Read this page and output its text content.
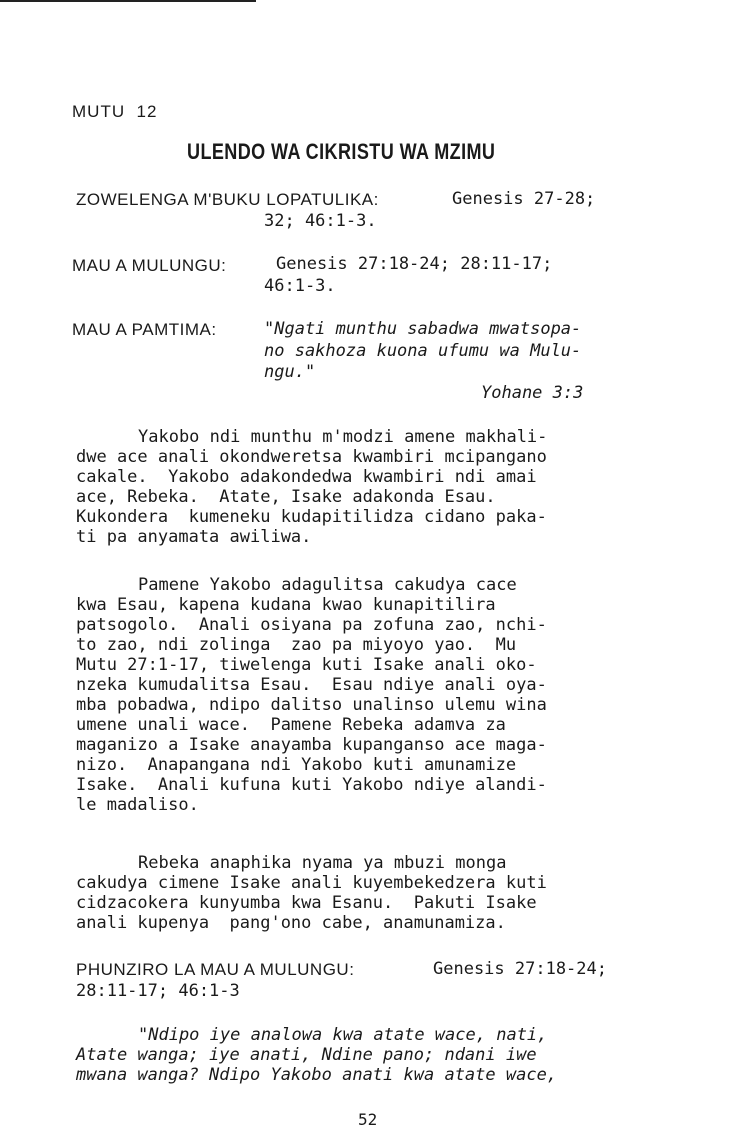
MUTU  12
ULENDO WA CIKRISTU WA MZIMU
ZOWELENGA M'BUKU LOPATULIKA:	Genesis 27-28;
32; 46:1-3.
MAU A MULUNGU:	Genesis 27:18-24; 28:11-17;
46:1-3.
MAU A PAMTIMA:	"Ngati munthu sabadwa mwatsopa-
no sakhoza kuona ufumu wa Mulu-
ngu."
Yohane 3:3
Yakobo ndi munthu m'modzi amene makhali-
dwe ace anali okondweretsa kwambiri mcipangano
cakale.  Yakobo adakondedwa kwambiri ndi amai
ace, Rebeka.  Atate, Isake adakonda Esau.
Kukondera  kumeneku kudapitilidza cidano paka-
ti pa anyamata awiliwa.
Pamene Yakobo adagulitsa cakudya cace
kwa Esau, kapena kudana kwao kunapitilira
patsogolo.  Anali osiyana pa zofuna zao, nchi-
to zao, ndi zolinga  zao pa miyoyo yao.  Mu
Mutu 27:1-17, tiwelenga kuti Isake anali oko-
nzeka kumudalitsa Esau.  Esau ndiye anali oya-
mba pobadwa, ndipo dalitso unalinso ulemu wina
umene unali wace.  Pamene Rebeka adamva za
maganizo a Isake anayamba kupanganso ace maga-
nizo.  Anapangana ndi Yakobo kuti amunamize
Isake.  Anali kufuna kuti Yakobo ndiye alandi-
le madaliso.
Rebeka anaphika nyama ya mbuzi monga
cakudya cimene Isake anali kuyembekedzera kuti
cidzacokera kunyumba kwa Esanu.  Pakuti Isake
anali kupenya  pang'ono cabe, anamunamiza.
PHUNZIRO LA MAU A MULUNGU:	Genesis 27:18-24;
28:11-17; 46:1-3
"Ndipo iye analowa kwa atate wace, nati,
Atate wanga; iye anati, Ndine pano; ndani iwe
mwana wanga? Ndipo Yakobo anati kwa atate wace,
52
